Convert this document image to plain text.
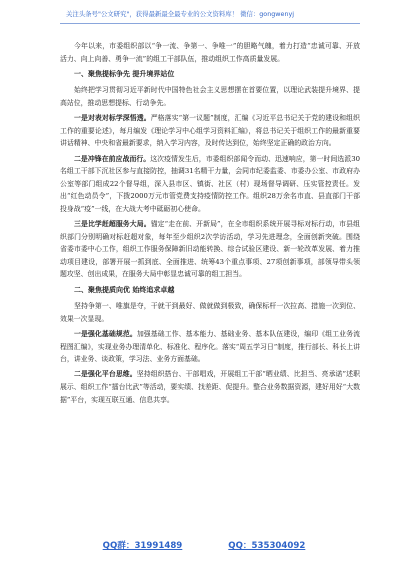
关注头条号"公文研究"，获得最新最全最专业的公文资料库！ 微信：gongwenyj

今年以来，市委组织部以“争一流、争第一、争唯一”的胆略气魄，着力打造“忠诚可靠、开放活力、向上向善、勇争一流”的组工干部队伍，推动组织工作高质量发展。

一、聚焦提标争先 提升境界站位

始终把学习贯彻习近平新时代中国特色社会主义思想摆在首要位置，以理论武装提升境界、提高站位，推动思想提标、行动争先。

一是对表对标学深悟透。严格落实“第一议题”制度，汇编《习近平总书记关于党的建设和组织工作的重要论述》，每月编发《理论学习中心组学习资料汇编》，将总书记关于组织工作的最新重要讲话精神、中央和省最新要求，纳入学习内容，及时传达到位，始终坚定正确的政治方向。

二是冲锋在前应战而行。这次疫情发生后，市委组织部闻令而动、迅速响应，第一时间选派30名组工干部下沉社区参与直接防控，抽调31名精干力量，会同市纪委监委、市委办公室、市政府办公室等部门组成22个督导组，深入县市区、镇街、社区（村）现场督导调研、压实管控责任。发出“红色动员令”，下拨2000万元市管党费支持疫情防控工作。组织28万余名市直、县直部门干部投身战“疫”一线，在大战大考中砥砺初心使命。

三是比学赶超服务大局。锚定“走在前、开新局”，在全市组织系统开展寻标对标行动，市县组织部门分别明确对标赶超对象，每年至少组织2次学访活动，学习先进理念，全面创新突破。围绕省委市委中心工作，组织工作服务保障新旧动能转换、综合试验区建设、新一轮改革发展、着力推动项目建设，部署开展一抓到底、全面推进、统筹43个重点事项、27项创新事项，部领导带头领题攻坚、创出成果，在服务大局中彰显忠诚可靠的组工担当。

二、聚焦提质向优 始终追求卓越

坚持争第一、唯旗是夺，干就干到最好、做就做到极致，确保标杆一次拉高、措施一次到位、效果一次显现。

一是强化基础规范。加强基础工作、基本能力、基础业务、基本队伍建设，编印《组工业务流程图汇编》，实现业务办理清单化、标准化、程序化。落实“周五学习日”制度，推行部长、科长上讲台，讲业务、谈政策，学习法、业务方面基础。

二是强化平台思维。坚持组织搭台、干部唱戏，开展组工干部“晒业绩、比担当、亮承诺”述职展示、组织工作“擂台比武”等活动，要实绩、找差距、促提升。整合业务数据资源，建好用好“大数据”平台，实现互联互通、信息共享。

QQ群：31991489	QQ：535304092
